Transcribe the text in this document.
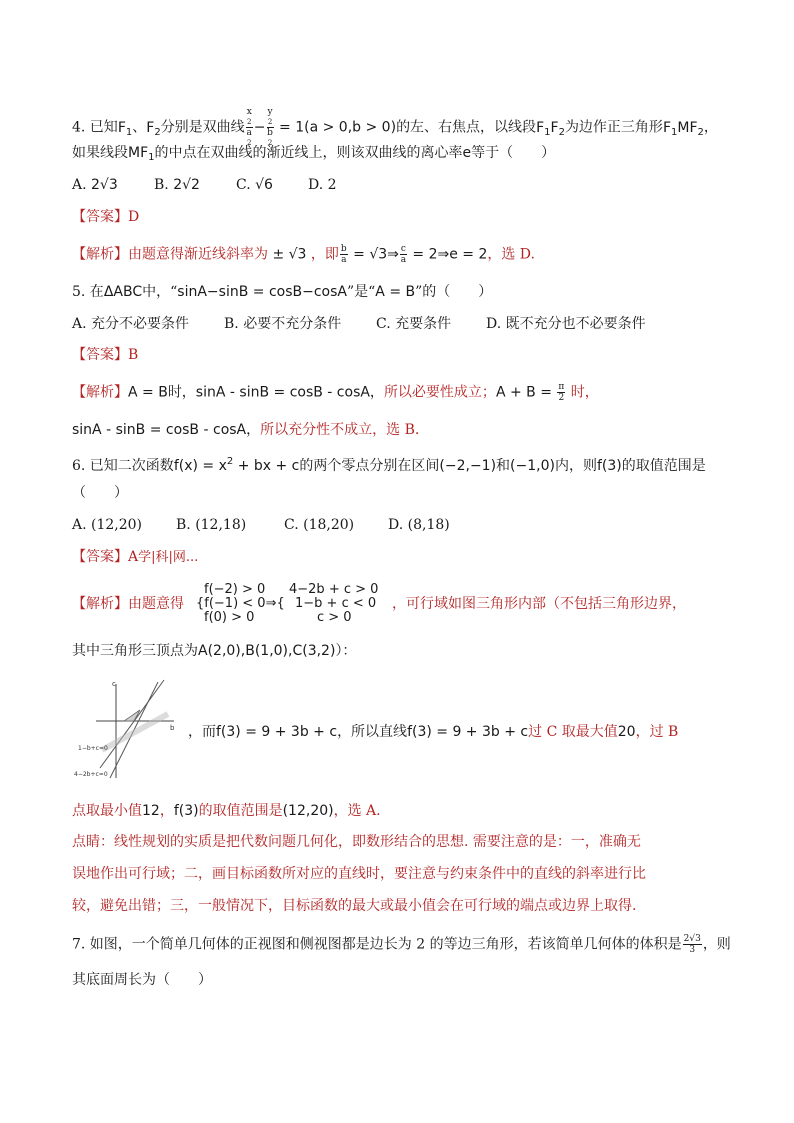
4. 已知$F_1$、$F_2$分别是双曲线 x
2
a
2 − y
2
b
2 = 1(a > 0,b > 0)的左、右焦点，以线段$F_1F_2$为边作正三角形$F_1MF_2$，
如果线段$MF_1$的中点在双曲线的渐近线上，则该双曲线的离心率e等于（　　）
A. 2√3	B. 2√2	C. √6	D. 2
【答案】D
【解析】由题意得渐近线斜率为 ± √3 ，即 $\frac{b}{a}$ = √3⇒ $\frac{c}{a}$ = 2⇒e = 2，选 D.
5. 在ΔABC中，“sinA−sinB = cosB−cosA”是“A = B”的（　　）
A. 充分不必要条件 B. 必要不充分条件 C. 充要条件 D. 既不充分也不必要条件
【答案】B
【解析】A = B时，sinA - sinB = cosB - cosA，所以必要性成立；$A + B = \frac{\pi}{2}$ 时，
sinA - sinB = cosB - cosA，所以充分性不成立，选 B.
6. 已知二次函数$f(x) = x^2$ + bx + c的两个零点分别在区间(−2,−1)和(−1,0)内，则f(3)的取值范围是
（　　）
A. (12,20) B. (12,18)	C. (18,20) D. (8,18)
【答案】A学|科|网...
【解析】由题意得
f(−2) > 0
{f(−1) < 0⇒{
f(0) > 0
4−2b + c > 0
1−b + c < 0
c > 0
，可行域如图三角形内部（不包括三角形边界，
其中三角形三顶点为A(2,0),B(1,0),C(3,2)）：
c
b
1−b+c=0
4−2b+c=0
，而f(3) = 9 + 3b + c，所以直线f(3) = 9 + 3b + c过 C 取最大值20，过 B
点取最小值12，f(3)的取值范围是(12,20)，选 A.
点睛：线性规划的实质是把代数问题几何化，即数形结合的思想. 需要注意的是：一，准确无
误地作出可行域；二，画目标函数所对应的直线时，要注意与约束条件中的直线的斜率进行比
较，避免出错；三，一般情况下，目标函数的最大或最小值会在可行域的端点或边界上取得.
7. 如图，一个简单几何体的正视图和侧视图都是边长为 2 的等边三角形，若该简单几何体的体积是 $\frac{2√3}{3}$ ，则
其底面周长为（　　）
